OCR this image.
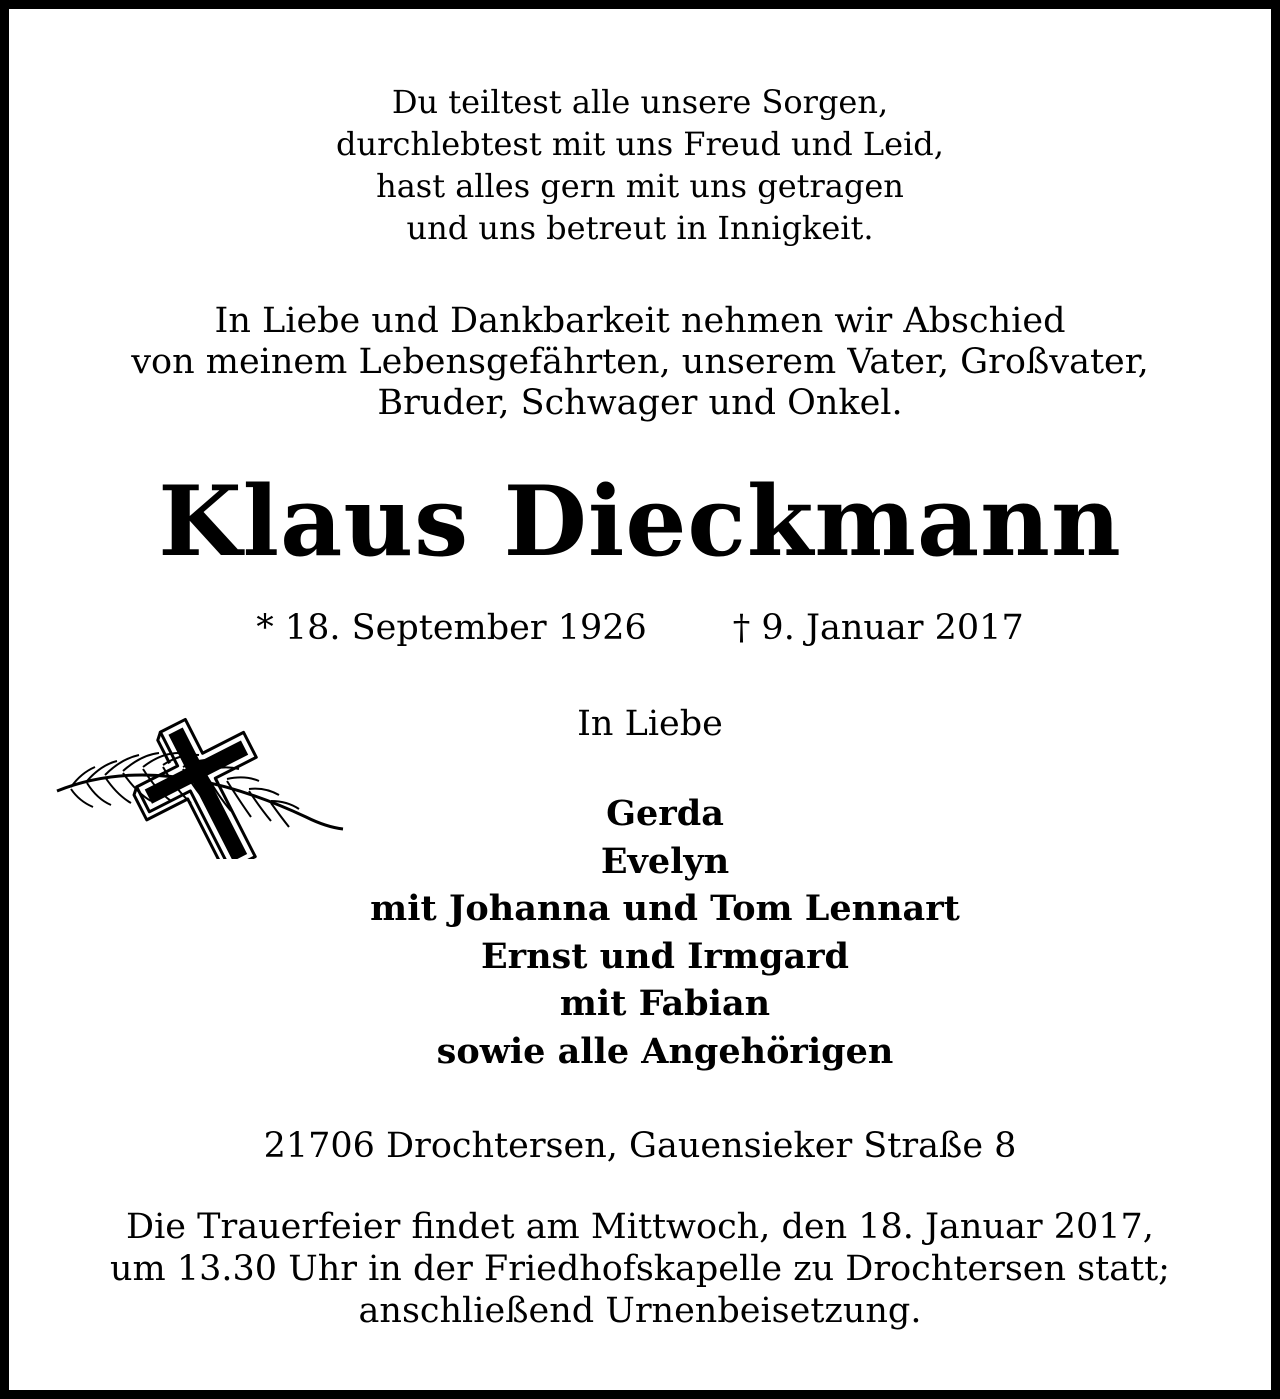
Du teiltest alle unsere Sorgen,
durchlebtest mit uns Freud und Leid,
hast alles gern mit uns getragen
und uns betreut in Innigkeit.
In Liebe und Dankbarkeit nehmen wir Abschied
von meinem Lebensgefährten, unserem Vater, Großvater,
Bruder, Schwager und Onkel.
Klaus Dieckmann
* 18. September 1926 † 9. Januar 2017
In Liebe
Gerda
Evelyn
mit Johanna und Tom Lennart
Ernst und Irmgard
mit Fabian
sowie alle Angehörigen
21706 Drochtersen, Gauensieker Straße 8
Die Trauerfeier findet am Mittwoch, den 18. Januar 2017,
um 13.30 Uhr in der Friedhofskapelle zu Drochtersen statt;
anschließend Urnenbeisetzung.
